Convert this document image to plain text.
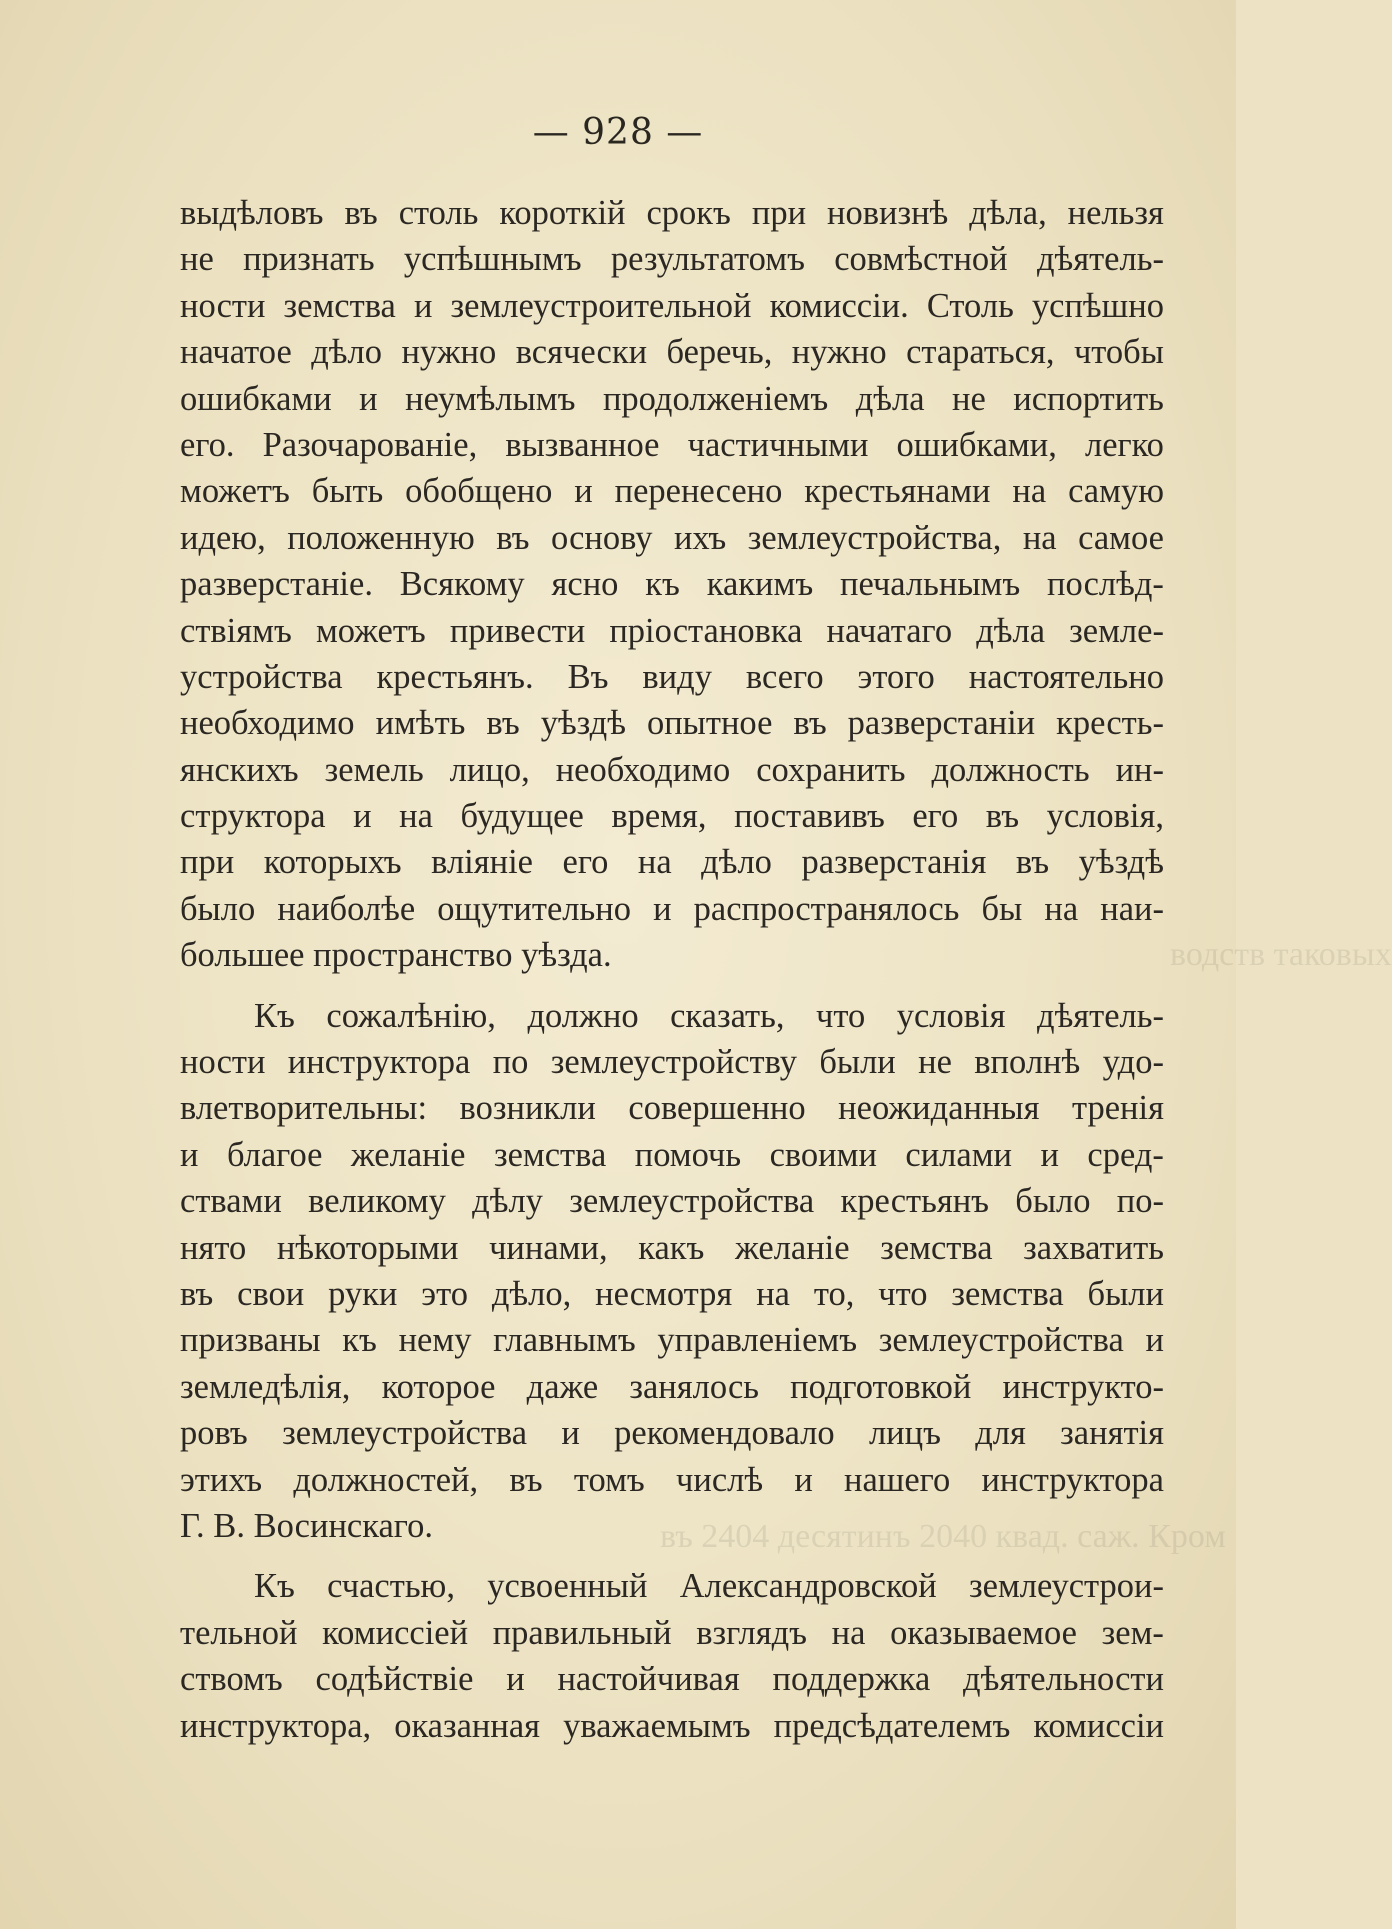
водств таковых
въ 2404 десятинъ 2040 квад. саж. Кром
— 928 —
выдѣловъ въ столь короткiй срокъ при новизнѣ дѣла, нельзя
не признать успѣшнымъ результатомъ совмѣстной дѣятель-
ности земства и землеустроительной комиссiи. Столь успѣшно
начатое дѣло нужно всячески беречь, нужно стараться, чтобы
ошибками и неумѣлымъ продолженiемъ дѣла не испортить
его. Разочарованiе, вызванное частичными ошибками, легко
можетъ быть обобщено и перенесено крестьянами на самую
идею, положенную въ основу ихъ землеустройства, на самое
разверстанiе. Всякому ясно къ какимъ печальнымъ послѣд-
ствiямъ можетъ привести прiостановка начатаго дѣла земле-
устройства крестьянъ. Въ виду всего этого настоятельно
необходимо имѣть въ уѣздѣ опытное въ разверстанiи кресть-
янскихъ земель лицо, необходимо сохранить должность ин-
структора и на будущее время, поставивъ его въ условiя,
при которыхъ влiянiе его на дѣло разверстанiя въ уѣздѣ
было наиболѣе ощутительно и распространялось бы на наи-
большее пространство уѣзда.
Къ сожалѣнiю, должно сказать, что условiя дѣятель-
ности инструктора по землеустройству были не вполнѣ удо-
влетворительны: возникли совершенно неожиданныя тренiя
и благое желанiе земства помочь своими силами и сред-
ствами великому дѣлу землеустройства крестьянъ было по-
нято нѣкоторыми чинами, какъ желанiе земства захватить
въ свои руки это дѣло, несмотря на то, что земства были
призваны къ нему главнымъ управленiемъ землеустройства и
земледѣлiя, которое даже занялось подготовкой инструкто-
ровъ землеустройства и рекомендовало лицъ для занятiя
этихъ должностей, въ томъ числѣ и нашего инструктора
Г. В. Восинскаго.
Къ счастью, усвоенный Александровской землеустрои-
тельной комиссiей правильный взглядъ на оказываемое зем-
ствомъ содѣйствiе и настойчивая поддержка дѣятельности
инструктора, оказанная уважаемымъ предсѣдателемъ комиссiи
